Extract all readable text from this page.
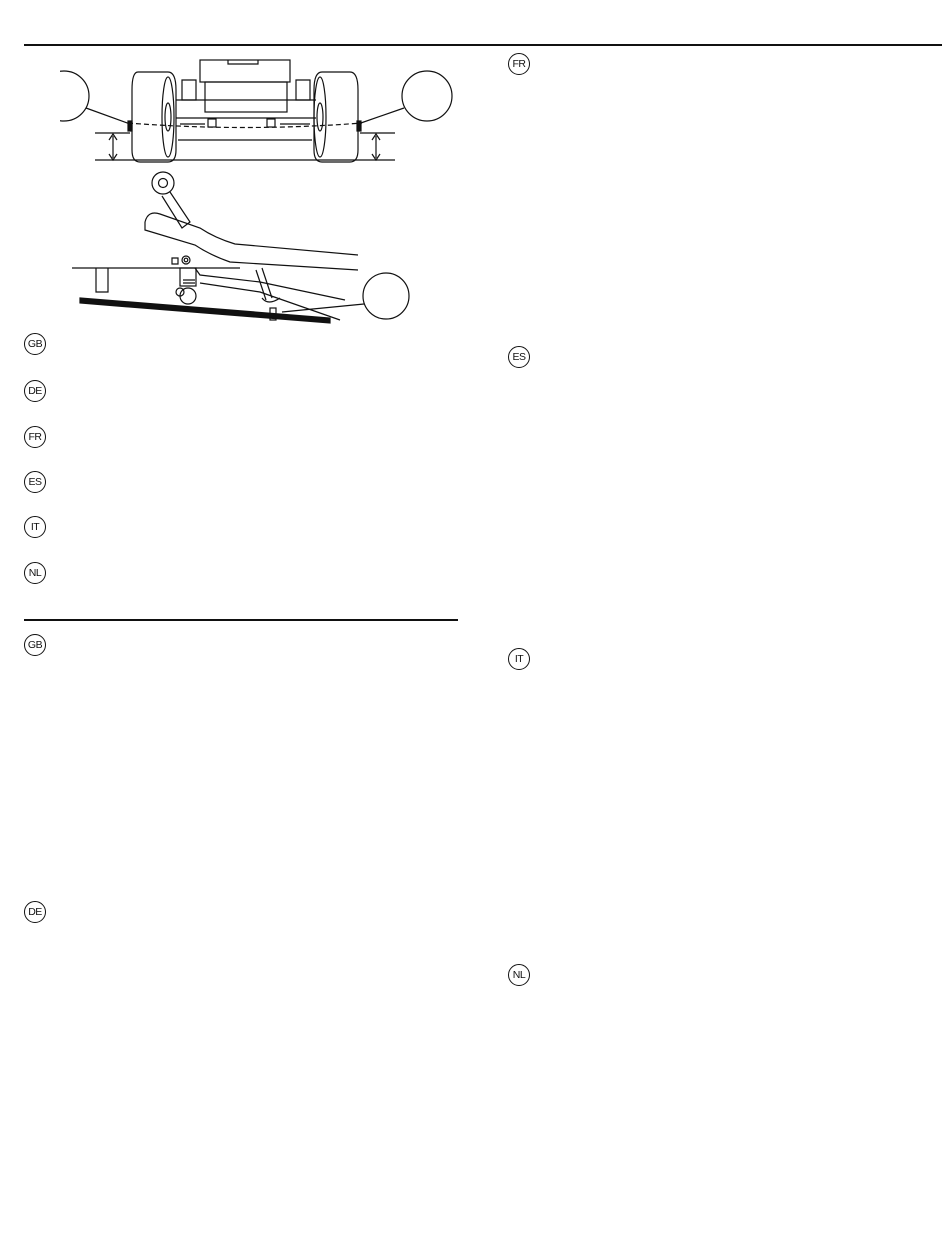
GB
DE
FR
ES
IT
NL
GB
DE
FR
ES
IT
NL
